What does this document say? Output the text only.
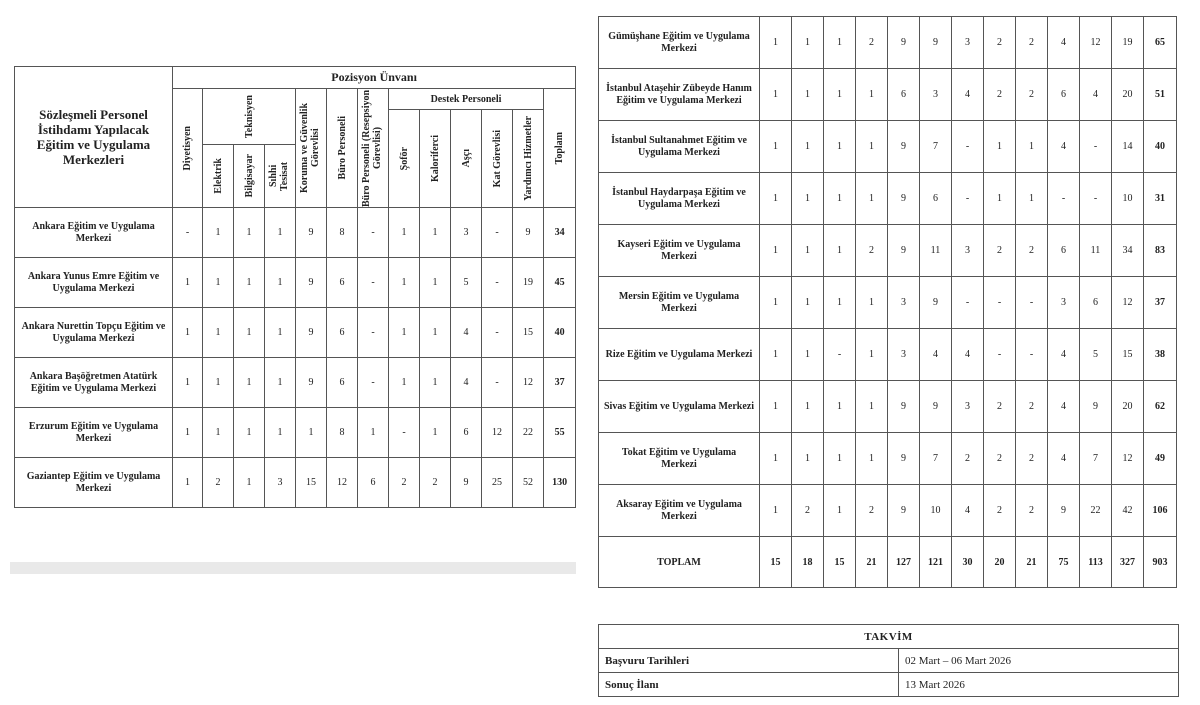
Sözleşmeli Personel İstihdamı Yapılacak Eğitim ve Uygulama Merkezleri	Pozisyon Ünvanı												

	Diyetisyen	Teknisyen			Koruma ve Güvenlik Görevlisi	Büro Personeli	Büro Personeli (Resepsiyon Görevlisi)	Destek Personeli					Toplam

								Şoför	Kaloriferci	Aşçı	Kat Görevlisi	Yardımcı Hizmetler	

		Elektrik	Bilgisayar	Sıhhi Tesisat									

Ankara Eğitim ve Uygulama Merkezi	-	1	1	1	9	8	-	1	1	3	-	9	34
Ankara Yunus Emre Eğitim ve Uygulama Merkezi	1	1	1	1	9	6	-	1	1	5	-	19	45
Ankara Nurettin Topçu Eğitim ve Uygulama Merkezi	1	1	1	1	9	6	-	1	1	4	-	15	40
Ankara Başöğretmen Atatürk Eğitim ve Uygulama Merkezi	1	1	1	1	9	6	-	1	1	4	-	12	37
Erzurum Eğitim ve Uygulama Merkezi	1	1	1	1	1	8	1	-	1	6	12	22	55
Gaziantep Eğitim ve Uygulama Merkezi	1	2	1	3	15	12	6	2	2	9	25	52	130
Gümüşhane Eğitim ve Uygulama Merkezi	1	1	1	2	9	9	3	2	2	4	12	19	65
İstanbul Ataşehir Zübeyde Hanım Eğitim ve Uygulama Merkezi	1	1	1	1	6	3	4	2	2	6	4	20	51
İstanbul Sultanahmet Eğitim ve Uygulama Merkezi	1	1	1	1	9	7	-	1	1	4	-	14	40
İstanbul Haydarpaşa Eğitim ve Uygulama Merkezi	1	1	1	1	9	6	-	1	1	-	-	10	31
Kayseri Eğitim ve Uygulama Merkezi	1	1	1	2	9	11	3	2	2	6	11	34	83
Mersin Eğitim ve Uygulama Merkezi	1	1	1	1	3	9	-	-	-	3	6	12	37
Rize Eğitim ve Uygulama Merkezi	1	1	-	1	3	4	4	-	-	4	5	15	38
Sivas Eğitim ve Uygulama Merkezi	1	1	1	1	9	9	3	2	2	4	9	20	62
Tokat Eğitim ve Uygulama Merkezi	1	1	1	1	9	7	2	2	2	4	7	12	49
Aksaray Eğitim ve Uygulama Merkezi	1	2	1	2	9	10	4	2	2	9	22	42	106
TOPLAM	15	18	15	21	127	121	30	20	21	75	113	327	903
TAKVİM	
Başvuru Tarihleri	02 Mart – 06 Mart 2026
Sonuç İlanı	13 Mart 2026
